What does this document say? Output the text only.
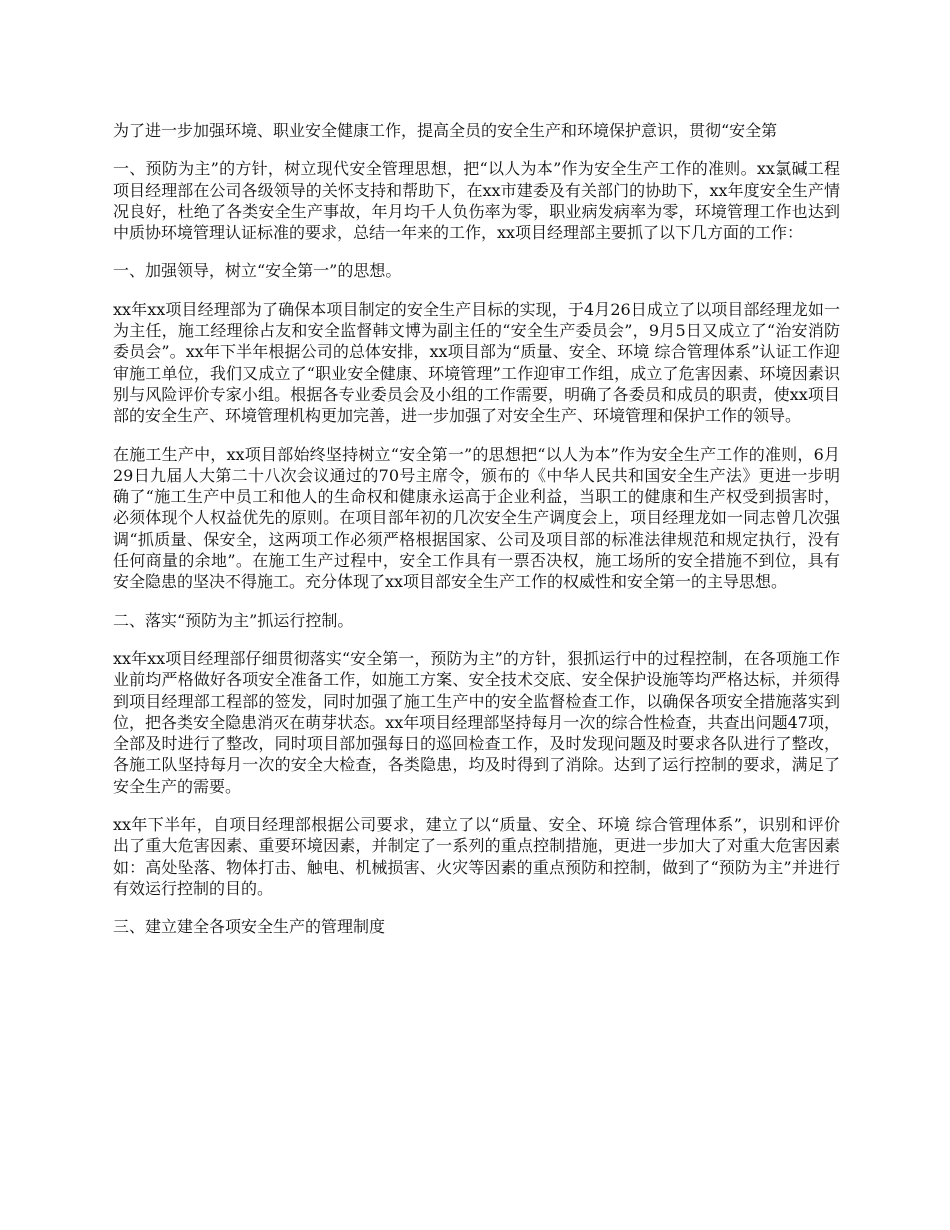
为了进一步加强环境、职业安全健康工作，提高全员的安全生产和环境保护意识，贯彻“安全第

一、预防为主”的方针，树立现代安全管理思想，把“以人为本”作为安全生产工作的准则。xx氯碱工程项目经理部在公司各级领导的关怀支持和帮助下，在xx市建委及有关部门的协助下，xx年度安全生产情况良好，杜绝了各类安全生产事故，年月均千人负伤率为零，职业病发病率为零，环境管理工作也达到中质协环境管理认证标准的要求，总结一年来的工作，xx项目经理部主要抓了以下几方面的工作：

一、加强领导，树立“安全第一”的思想。

xx年xx项目经理部为了确保本项目制定的安全生产目标的实现，于4月26日成立了以项目部经理龙如一为主任，施工经理徐占友和安全监督韩文博为副主任的“安全生产委员会”，9月5日又成立了“治安消防委员会”。xx年下半年根据公司的总体安排，xx项目部为“质量、安全、环境 综合管理体系”认证工作迎审施工单位，我们又成立了“职业安全健康、环境管理”工作迎审工作组，成立了危害因素、环境因素识别与风险评价专家小组。根据各专业委员会及小组的工作需要，明确了各委员和成员的职责，使xx项目部的安全生产、环境管理机构更加完善，进一步加强了对安全生产、环境管理和保护工作的领导。

在施工生产中，xx项目部始终坚持树立“安全第一”的思想把“以人为本”作为安全生产工作的准则，6月29日九届人大第二十八次会议通过的70号主席令，颁布的《中华人民共和国安全生产法》更进一步明确了“施工生产中员工和他人的生命权和健康永运高于企业利益，当职工的健康和生产权受到损害时，必须体现个人权益优先的原则。在项目部年初的几次安全生产调度会上，项目经理龙如一同志曾几次强调“抓质量、保安全，这两项工作必须严格根据国家、公司及项目部的标准法律规范和规定执行，没有任何商量的余地”。在施工生产过程中，安全工作具有一票否决权，施工场所的安全措施不到位，具有安全隐患的坚决不得施工。充分体现了xx项目部安全生产工作的权威性和安全第一的主导思想。

二、落实“预防为主”抓运行控制。

xx年xx项目经理部仔细贯彻落实“安全第一，预防为主”的方针，狠抓运行中的过程控制，在各项施工作业前均严格做好各项安全准备工作，如施工方案、安全技术交底、安全保护设施等均严格达标，并须得到项目经理部工程部的签发，同时加强了施工生产中的安全监督检查工作，以确保各项安全措施落实到位，把各类安全隐患消灭在萌芽状态。xx年项目经理部坚持每月一次的综合性检查，共查出问题47项，全部及时进行了整改，同时项目部加强每日的巡回检查工作，及时发现问题及时要求各队进行了整改，各施工队坚持每月一次的安全大检查，各类隐患，均及时得到了消除。达到了运行控制的要求，满足了安全生产的需要。

xx年下半年，自项目经理部根据公司要求，建立了以“质量、安全、环境 综合管理体系”，识别和评价出了重大危害因素、重要环境因素，并制定了一系列的重点控制措施，更进一步加大了对重大危害因素如：高处坠落、物体打击、触电、机械损害、火灾等因素的重点预防和控制，做到了“预防为主”并进行有效运行控制的目的。

三、建立建全各项安全生产的管理制度
